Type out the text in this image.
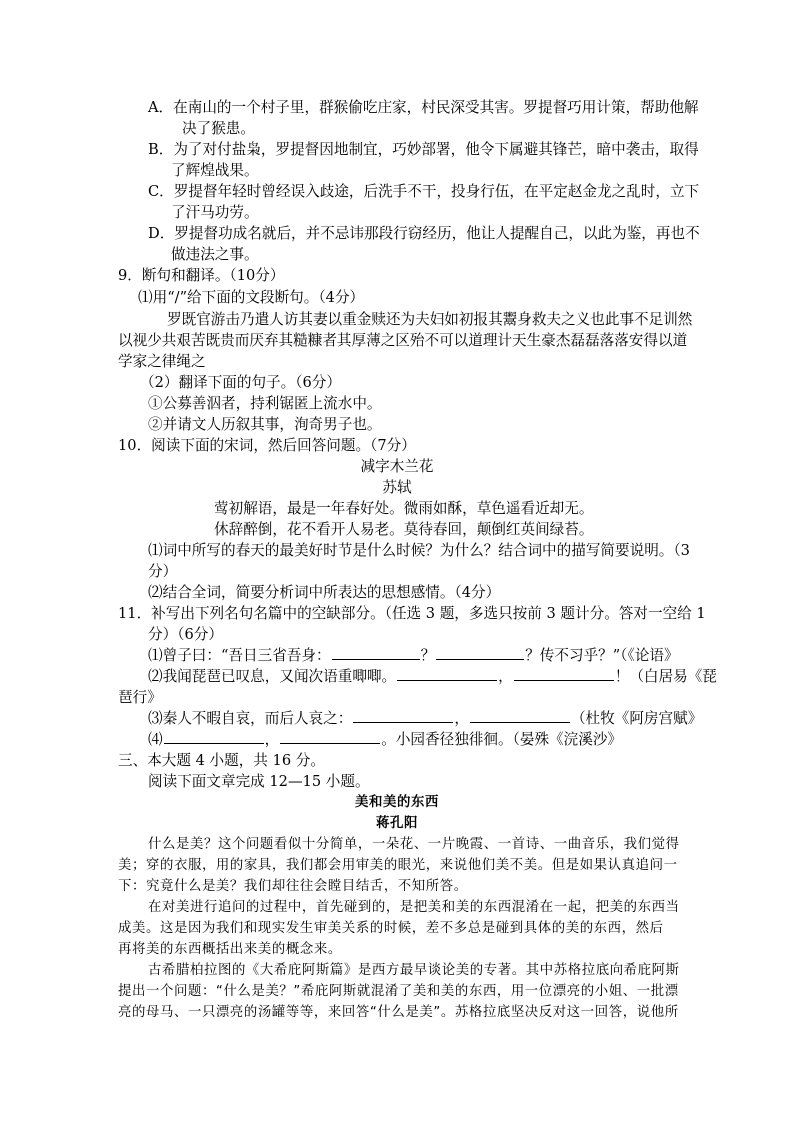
A．在南山的一个村子里，群猴偷吃庄家，村民深受其害。罗提督巧用计策，帮助他解
决了猴患。
B．为了对付盐枭，罗提督因地制宜，巧妙部署，他令下属避其锋芒，暗中袭击，取得
了辉煌战果。
C．罗提督年轻时曾经误入歧途，后洗手不干，投身行伍，在平定赵金龙之乱时，立下
了汗马功劳。
D．罗提督功成名就后，并不忌讳那段行窃经历，他让人提醒自己，以此为鉴，再也不
做违法之事。
9．断句和翻译。（10分）
⑴用“/”给下面的文段断句。（4分）
罗既官游击乃遣人访其妻以重金赎还为夫妇如初报其鬻身救夫之义也此事不足训然
以视少共艰苦既贵而厌弃其糙糠者其厚薄之区殆不可以道理计天生豪杰磊磊落落安得以道
学家之律绳之
（2）翻译下面的句子。（6分）
①公募善泅者，持利锯匿上流水中。
②并请文人历叙其事，洵奇男子也。
10．阅读下面的宋词，然后回答问题。（7分）
减字木兰花
苏轼
莺初解语，最是一年春好处。微雨如酥，草色遥看近却无。
休辞醉倒，花不看开人易老。莫待春回，颠倒红英间绿苔。
⑴词中所写的春天的最美好时节是什么时候？为什么？结合词中的描写简要说明。（3
分）
⑵结合全词，简要分析词中所表达的思想感情。（4分）
11．补写出下列名句名篇中的空缺部分。（任选 3 题，多选只按前 3 题计分。答对一空给 1
分）（6分）
⑴曾子曰：“吾日三省吾身：	？	？传不习乎？”（《论语》
⑵我闻琵琶已叹息，又闻次语重唧唧。	，	！（白居易《琵
琶行》
⑶秦人不暇自哀，而后人哀之：	，	（杜牧《阿房宫赋》
⑷	，	。小园香径独徘徊。（晏殊《浣溪沙》
三、本大题 4 小题，共 16 分。
阅读下面文章完成 12—15 小题。
美和美的东西
蒋孔阳
什么是美？这个问题看似十分简单，一朵花、一片晚霞、一首诗、一曲音乐，我们觉得
美；穿的衣服，用的家具，我们都会用审美的眼光，来说他们美不美。但是如果认真追问一
下：究竟什么是美？我们却往往会瞠目结舌，不知所答。
在对美进行追问的过程中，首先碰到的，是把美和美的东西混淆在一起，把美的东西当
成美。这是因为我们和现实发生审美关系的时候，差不多总是碰到具体的美的东西，然后
再将美的东西概括出来美的概念来。
古希腊柏拉图的《大希庇阿斯篇》是西方最早谈论美的专著。其中苏格拉底向希庇阿斯
提出一个问题：“什么是美？”希庇阿斯就混淆了美和美的东西，用一位漂亮的小姐、一批漂
亮的母马、一只漂亮的汤罐等等，来回答“什么是美”。苏格拉底坚决反对这一回答，说他所
